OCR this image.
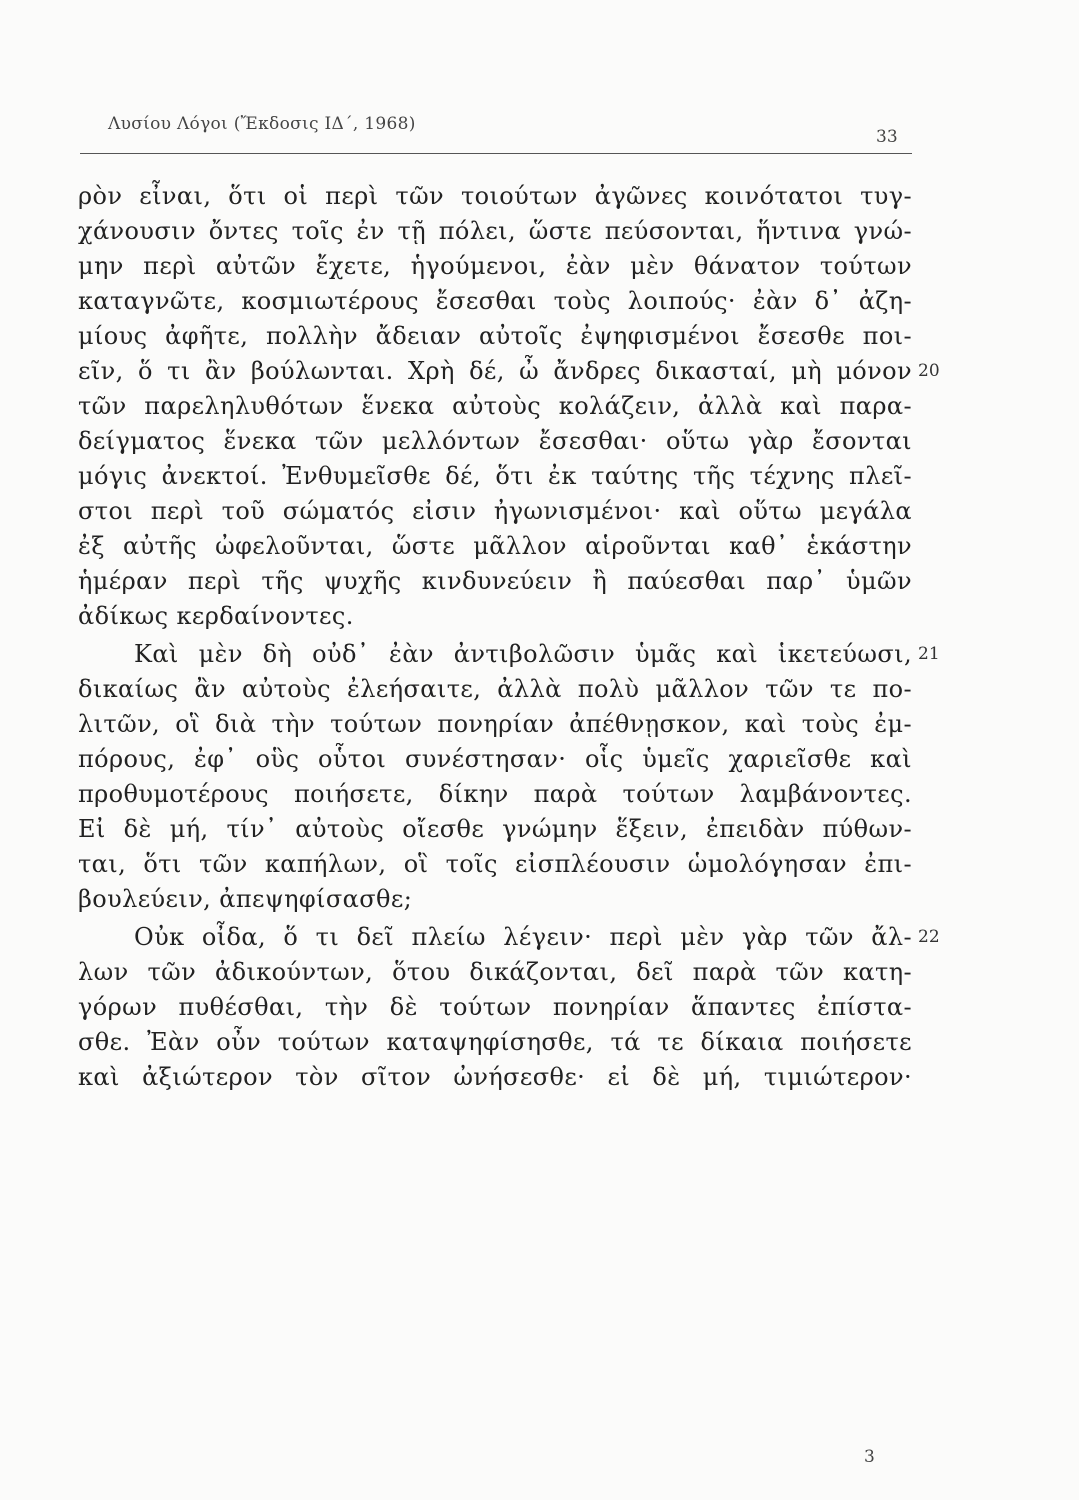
Λυσίου Λόγοι (Ἔκδοσις ΙΔ΄, 1968)
33
ρὸν εἶναι, ὅτι οἱ περὶ τῶν τοιούτων ἀγῶνες κοινότατοι τυγ-
χάνουσιν ὄντες τοῖς ἐν τῇ πόλει, ὥστε πεύσονται, ἥντινα γνώ-
μην περὶ αὐτῶν ἔχετε, ἡγούμενοι, ἐὰν μὲν θάνατον τούτων
καταγνῶτε, κοσμιωτέρους ἔσεσθαι τοὺς λοιπούς· ἐὰν δ᾽ ἀζη-
μίους ἀφῆτε, πολλὴν ἄδειαν αὐτοῖς ἐψηφισμένοι ἔσεσθε ποι-
εῖν, ὅ τι ἂν βούλωνται. Χρὴ δέ, ὦ ἄνδρες δικασταί, μὴ μόνον
τῶν παρεληλυθότων ἕνεκα αὐτοὺς κολάζειν, ἀλλὰ καὶ παρα-
δείγματος ἕνεκα τῶν μελλόντων ἔσεσθαι· οὕτω γὰρ ἔσονται
μόγις ἀνεκτοί. Ἐνθυμεῖσθε δέ, ὅτι ἐκ ταύτης τῆς τέχνης πλεῖ-
στοι περὶ τοῦ σώματός εἰσιν ἠγωνισμένοι· καὶ οὕτω μεγάλα
ἐξ αὐτῆς ὠφελοῦνται, ὥστε μᾶλλον αἱροῦνται καθ᾽ ἑκάστην
ἡμέραν περὶ τῆς ψυχῆς κινδυνεύειν ἢ παύεσθαι παρ᾽ ὑμῶν
ἀδίκως κερδαίνοντες.
Καὶ μὲν δὴ οὐδ᾽ ἐὰν ἀντιβολῶσιν ὑμᾶς καὶ ἱκετεύωσι,
δικαίως ἂν αὐτοὺς ἐλεήσαιτε, ἀλλὰ πολὺ μᾶλλον τῶν τε πο-
λιτῶν, οἳ διὰ τὴν τούτων πονηρίαν ἀπέθνῃσκον, καὶ τοὺς ἐμ-
πόρους, ἐφ᾽ οὓς οὗτοι συνέστησαν· οἷς ὑμεῖς χαριεῖσθε καὶ
προθυμοτέρους ποιήσετε, δίκην παρὰ τούτων λαμβάνοντες.
Εἰ δὲ μή, τίν᾽ αὐτοὺς οἴεσθε γνώμην ἕξειν, ἐπειδὰν πύθων-
ται, ὅτι τῶν καπήλων, οἳ τοῖς εἰσπλέουσιν ὡμολόγησαν ἐπι-
βουλεύειν, ἀπεψηφίσασθε;
Οὐκ οἶδα, ὅ τι δεῖ πλείω λέγειν· περὶ μὲν γὰρ τῶν ἄλ-
λων τῶν ἀδικούντων, ὅτου δικάζονται, δεῖ παρὰ τῶν κατη-
γόρων πυθέσθαι, τὴν δὲ τούτων πονηρίαν ἅπαντες ἐπίστα-
σθε. Ἐὰν οὖν τούτων καταψηφίσησθε, τά τε δίκαια ποιήσετε
καὶ ἀξιώτερον τὸν σῖτον ὠνήσεσθε· εἰ δὲ μή, τιμιώτερον·
20
21
22
3
